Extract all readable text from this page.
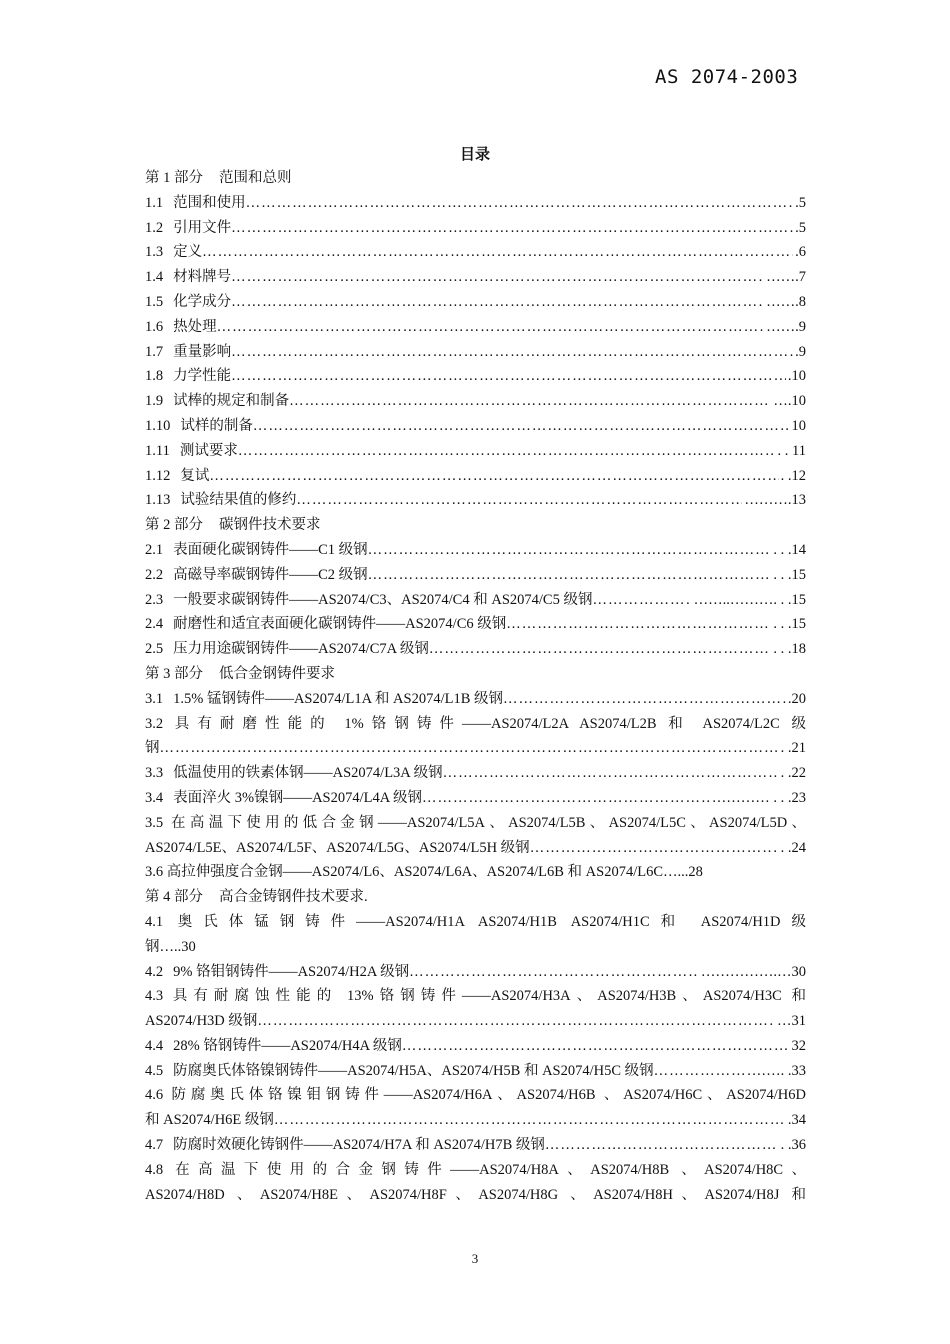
AS 2074-2003
目录
第 1 部分 范围和总则
1.1 范围和使用 …………………………………………………………………………………………………………………………………………………………………………………………………………………	.5
1.2 引用文件 …………………………………………………………………………………………………………………………………………………………………………………………………………………	.5
1.3 定义 …………………………………………………………………………………………………………………………………………………………………………………………………………………	.6
1.4 材料牌号 …………………………………………………………………………………………………………………………………………………………………………………………………………………	…….7
1.5 化学成分 …………………………………………………………………………………………………………………………………………………………………………………………………………………	…….8
1.6 热处理 …………………………………………………………………………………………………………………………………………………………………………………………………………………	…….9
1.7 重量影响 …………………………………………………………………………………………………………………………………………………………………………………………………………………	.9
1.8 力学性能 …………………………………………………………………………………………………………………………………………………………………………………………………………………	.10
1.9 试棒的规定和制备 …………………………………………………………………………………………………………………………………………………………………………………………………………………	….10
1.10 试样的制备 …………………………………………………………………………………………………………………………………………………………………………………………………………………	10
1.11 测试要求 …………………………………………………………………………………………………………………………………………………………………………………………………………………	. . 11
1.12 复试 …………………………………………………………………………………………………………………………………………………………………………………………………………………	. .12
1.13 试验结果值的修约 …………………………………………………………………………………………………………………………………………………………………………………………………………………	……….13
第 2 部分 碳钢件技术要求
2.1 表面硬化碳钢铸件——C1 级钢 …………………………………………………………………………………………………………………………………………………………………………………………………………………	. . .14
2.2 高磁导率碳钢铸件——C2 级钢 …………………………………………………………………………………………………………………………………………………………………………………………………………………	. . .15
2.3 一般要求碳钢铸件——AS2074/C3、AS2074/C4 和 AS2074/C5 级钢 …………………………………………………………………………………………………………………………………………………………………………………………………………………	……..………. . .15
2.4 耐磨性和适宜表面硬化碳钢铸件——AS2074/C6 级钢 …………………………………………………………………………………………………………………………………………………………………………………………………………………	. . .15
2.5 压力用途碳钢铸件——AS2074/C7A 级钢 …………………………………………………………………………………………………………………………………………………………………………………………………………………	. . .18
第 3 部分 低合金钢铸件要求
3.1 1.5% 锰钢铸件——AS2074/L1A 和 AS2074/L1B 级钢 …………………………………………………………………………………………………………………………………………………………………………………………………………………	.20
3.2 具有耐磨性能的 1%铬钢铸件——AS2074/L2A AS2074/L2B 和 AS2074/L2C 级
钢 …………………………………………………………………………………………………………………………………………………………………………………………………………………	. .21
3.3 低温使用的铁素体钢——AS2074/L3A 级钢 …………………………………………………………………………………………………………………………………………………………………………………………………………………	. .22
3.4 表面淬火 3%镍钢——AS2074/L4A 级钢 …………………………………………………………………………………………………………………………………………………………………………………………………………………	………… . . .23
3.5 在高温下使用的低合金钢——AS2074/L5A、AS2074/L5B、AS2074/L5C、AS2074/L5D、
AS2074/L5E、AS2074/L5F、AS2074/L5G、AS2074/L5H 级钢 …………………………………………………………………………………………………………………………………………………………………………………………………………………	. . .24
3.6 高拉伸强度合金钢——AS2074/L6、AS2074/L6A、AS2074/L6B 和 AS2074/L6C…...28
第 4 部分 高合金铸钢件技术要求.
4.1 奥氏体锰钢铸件——AS2074/H1A AS2074/H1B AS2074/H1C和 AS2074/H1D级
钢…..30
4.2 9% 铬钼钢铸件——AS2074/H2A 级钢 …………………………………………………………………………………………………………………………………………………………………………………………………………………	…………….…30
4.3 具有耐腐蚀性能的 13%铬钢铸件——AS2074/H3A、AS2074/H3B、AS2074/H3C 和
AS2074/H3D 级钢 …………………………………………………………………………………………………………………………………………………………………………………………………………………	…31
4.4 28% 铬钢铸件——AS2074/H4A 级钢 …………………………………………………………………………………………………………………………………………………………………………………………………………………	32
4.5 防腐奥氏体铬镍钢铸件——AS2074/H5A、AS2074/H5B 和 AS2074/H5C 级钢 …………………………………………………………………………………………………………………………………………………………………………………………………………………	……. .33
4.6 防腐奥氏体铬镍钼钢铸件——AS2074/H6A、AS2074/H6B 、AS2074/H6C、AS2074/H6D
和 AS2074/H6E 级钢 …………………………………………………………………………………………………………………………………………………………………………………………………………………	.34
4.7 防腐时效硬化铸钢件——AS2074/H7A 和 AS2074/H7B 级钢 …………………………………………………………………………………………………………………………………………………………………………………………………………………	. .36
4.8 在高温下使用的合金钢铸件——AS2074/H8A、AS2074/H8B 、AS2074/H8C、
AS2074/H8D 、AS2074/H8E、AS2074/H8F、AS2074/H8G 、AS2074/H8H、AS2074/H8J 和
3
